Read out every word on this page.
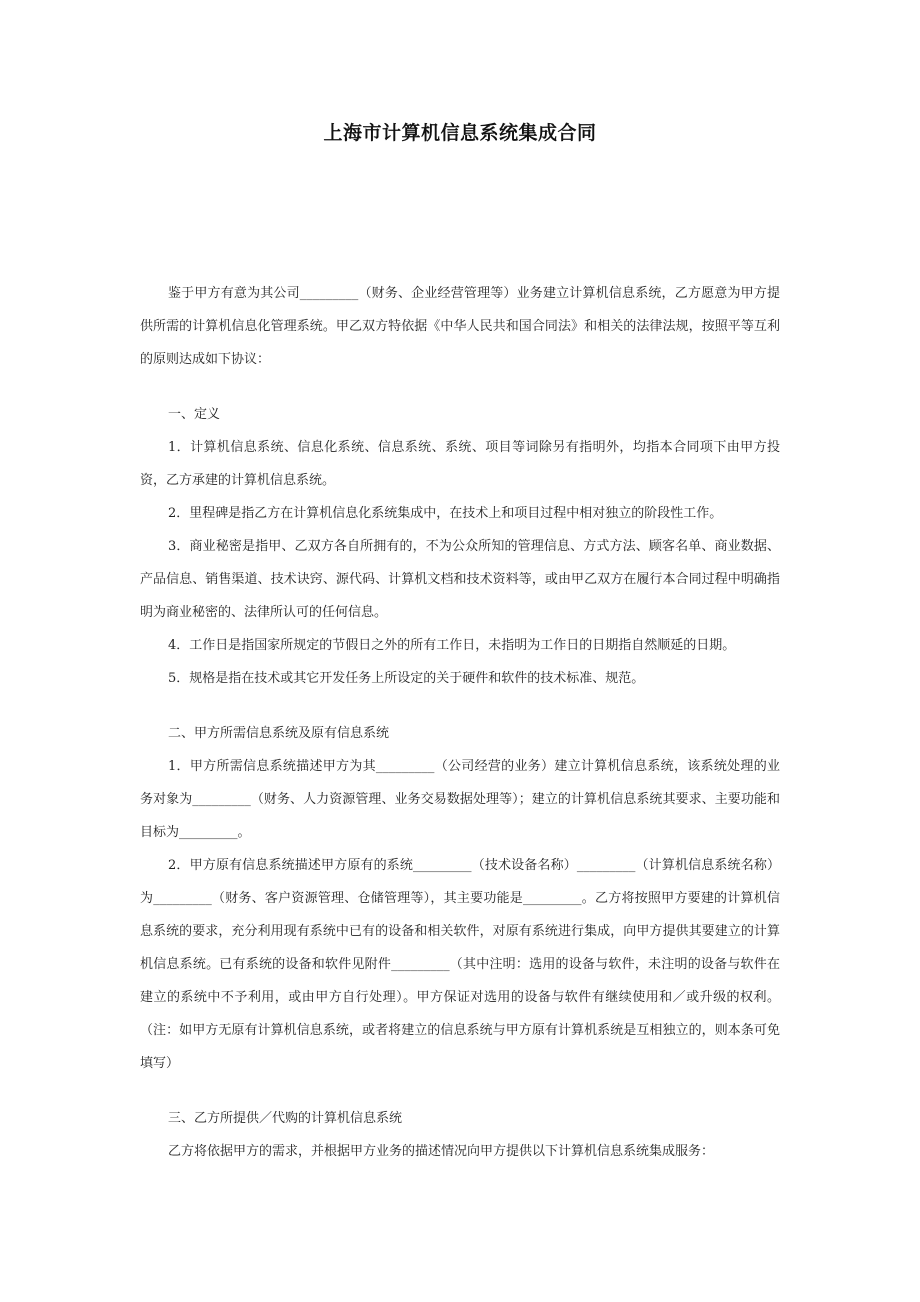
上海市计算机信息系统集成合同

鉴于甲方有意为其公司_________（财务、企业经营管理等）业务建立计算机信息系统，乙方愿意为甲方提供所需的计算机信息化管理系统。甲乙双方特依据《中华人民共和国合同法》和相关的法律法规，按照平等互利的原则达成如下协议：

一、定义

1．计算机信息系统、信息化系统、信息系统、系统、项目等词除另有指明外，均指本合同项下由甲方投资，乙方承建的计算机信息系统。

2．里程碑是指乙方在计算机信息化系统集成中，在技术上和项目过程中相对独立的阶段性工作。

3．商业秘密是指甲、乙双方各自所拥有的，不为公众所知的管理信息、方式方法、顾客名单、商业数据、产品信息、销售渠道、技术诀窍、源代码、计算机文档和技术资料等，或由甲乙双方在履行本合同过程中明确指明为商业秘密的、法律所认可的任何信息。

4．工作日是指国家所规定的节假日之外的所有工作日，未指明为工作日的日期指自然顺延的日期。

5．规格是指在技术或其它开发任务上所设定的关于硬件和软件的技术标准、规范。

二、甲方所需信息系统及原有信息系统

1．甲方所需信息系统描述甲方为其_________（公司经营的业务）建立计算机信息系统，该系统处理的业务对象为_________（财务、人力资源管理、业务交易数据处理等）；建立的计算机信息系统其要求、主要功能和目标为_________。

2．甲方原有信息系统描述甲方原有的系统_________（技术设备名称）_________（计算机信息系统名称）为_________（财务、客户资源管理、仓储管理等），其主要功能是_________。乙方将按照甲方要建的计算机信息系统的要求，充分利用现有系统中已有的设备和相关软件，对原有系统进行集成，向甲方提供其要建立的计算机信息系统。已有系统的设备和软件见附件_________（其中注明：选用的设备与软件，未注明的设备与软件在建立的系统中不予利用，或由甲方自行处理）。甲方保证对选用的设备与软件有继续使用和／或升级的权利。（注：如甲方无原有计算机信息系统，或者将建立的信息系统与甲方原有计算机系统是互相独立的，则本条可免填写）

三、乙方所提供／代购的计算机信息系统

乙方将依据甲方的需求，并根据甲方业务的描述情况向甲方提供以下计算机信息系统集成服务：
